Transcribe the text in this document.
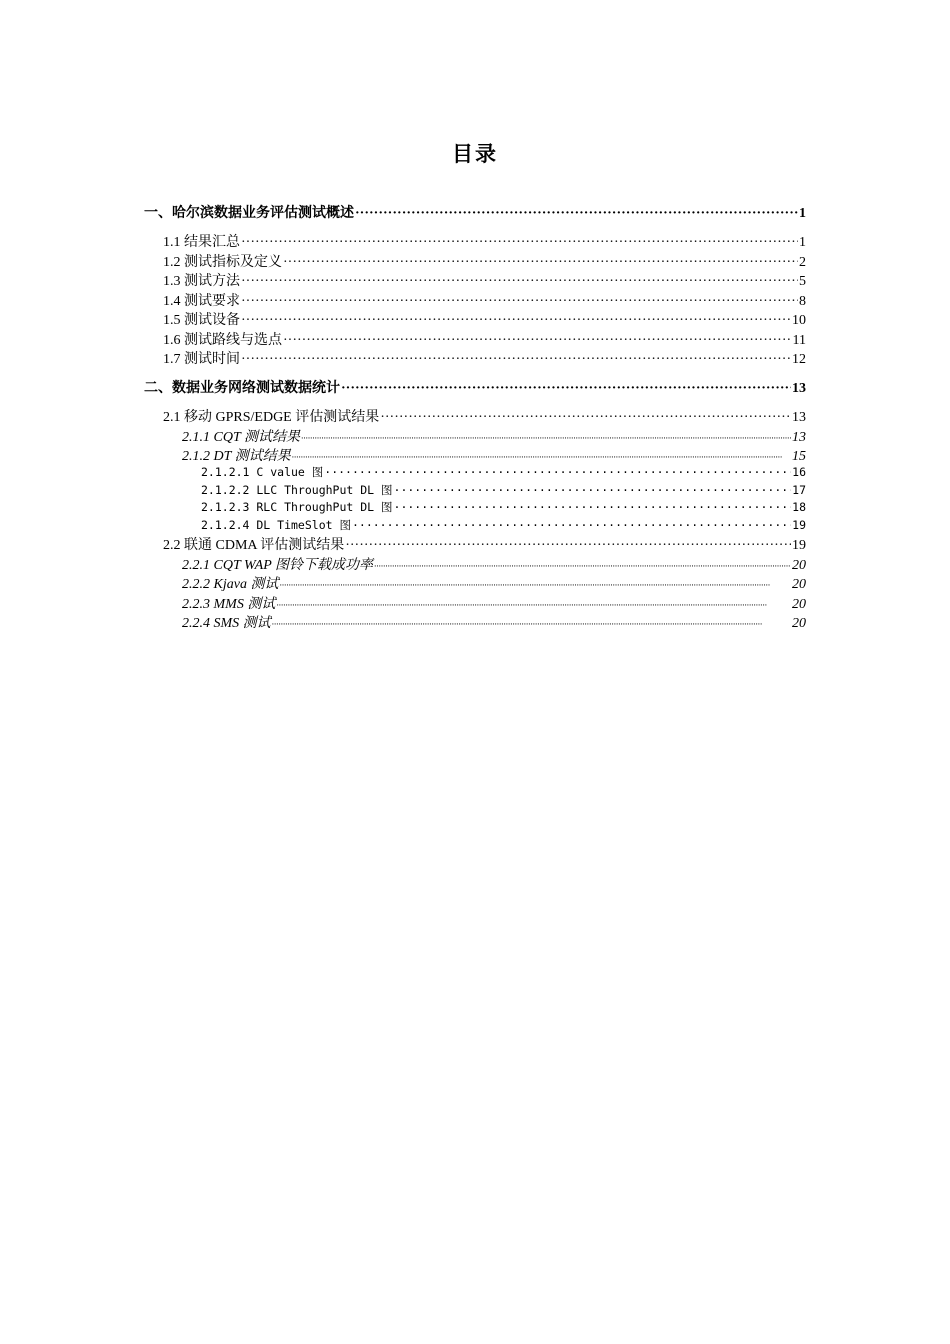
目录
一、哈尔滨数据业务评估测试概述 ·····	1
1.1 结果汇总 ·····	1
1.2 测试指标及定义 ·····	2
1.3 测试方法 ·····	5
1.4 测试要求 ·····	8
1.5 测试设备 ·····	10
1.6 测试路线与选点 ·····	11
1.7 测试时间 ·····	12
二、数据业务网络测试数据统计 ·····	13
2.1 移动 GPRS/EDGE 评估测试结果 ·····	13
2.1.1 CQT 测试结果 ·····	13
2.1.2 DT 测试结果 ·····	15
2.1.2.1 C value 图 ·····	16
2.1.2.2 LLC ThroughPut DL 图 ·····	17
2.1.2.3 RLC ThroughPut DL 图 ·····	18
2.1.2.4 DL TimeSlot 图 ·····	19
2.2 联通 CDMA 评估测试结果 ·····	19
2.2.1 CQT WAP 图铃下载成功率 ·····	20
2.2.2 Kjava 测试 ·····	20
2.2.3 MMS 测试 ·····	20
2.2.4 SMS 测试 ·····	20
